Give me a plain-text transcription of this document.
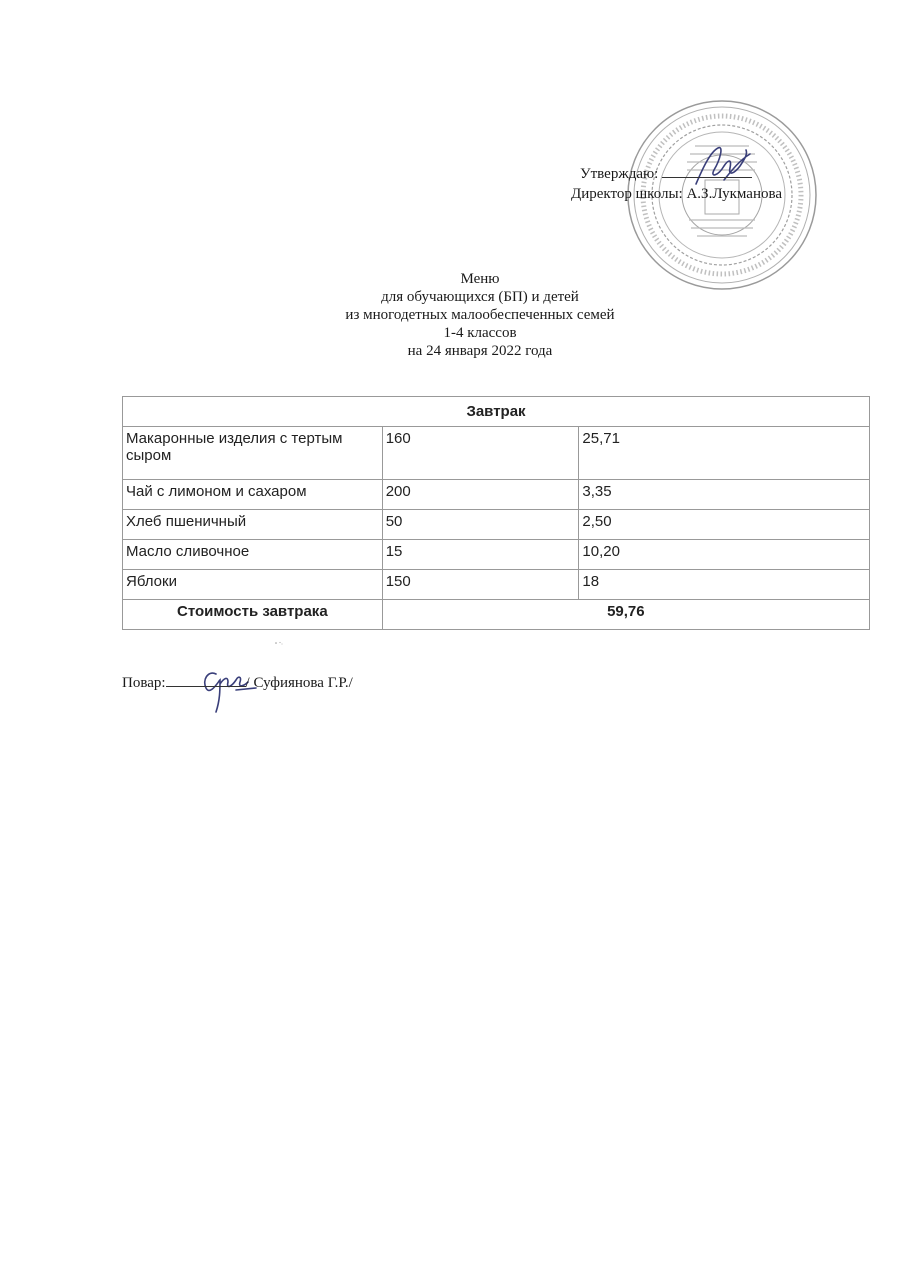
Утверждаю:
Директор школы: А.З.Лукманова
Меню
для обучающихся (БП) и детей
из многодетных малообеспеченных семей
1-4 классов
на 24 января 2022 года
Завтрак		
Макаронные изделия с тертым сыром	160	25,71
Чай с лимоном и сахаром	200	3,35
Хлеб пшеничный	50	2,50
Масло сливочное	15	10,20
Яблоки	150	18
Стоимость завтрака	59,76	
Повар:	/ Суфиянова Г.Р./
